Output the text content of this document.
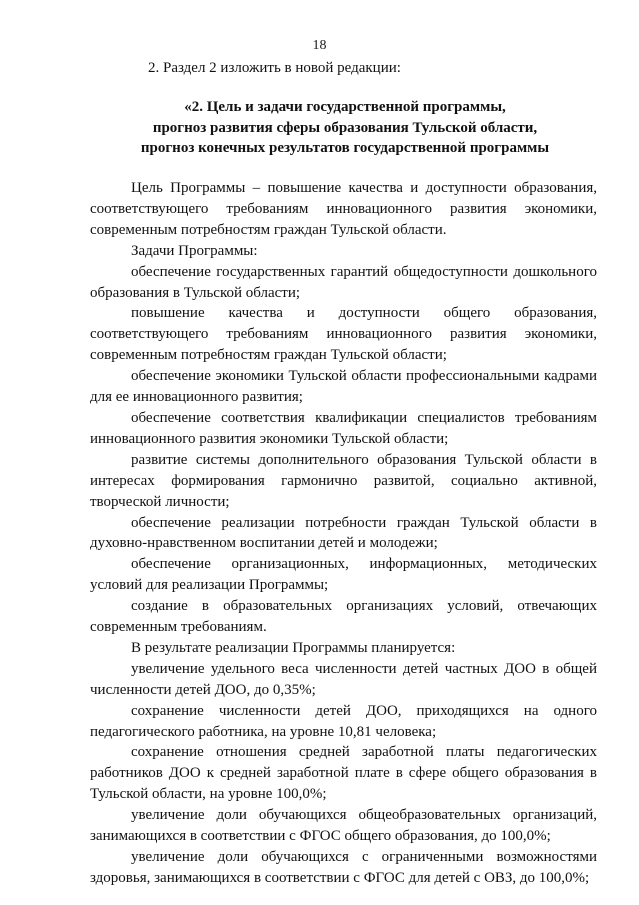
18
2. Раздел 2 изложить в новой редакции:
«2. Цель и задачи государственной программы,
прогноз развития сферы образования Тульской области,
прогноз конечных результатов государственной программы

Цель Программы – повышение качества и доступности образования, соответствующего требованиям инновационного развития экономики, современным потребностям граждан Тульской области.

Задачи Программы:

обеспечение государственных гарантий общедоступности дошкольного образования в Тульской области;

повышение качества и доступности общего образования, соответствующего требованиям инновационного развития экономики, современным потребностям граждан Тульской области;

обеспечение экономики Тульской области профессиональными кадрами для ее инновационного развития;

обеспечение соответствия квалификации специалистов требованиям инновационного развития экономики Тульской области;

развитие системы дополнительного образования Тульской области в интересах формирования гармонично развитой, социально активной, творческой личности;

обеспечение реализации потребности граждан Тульской области в духовно-нравственном воспитании детей и молодежи;

обеспечение организационных, информационных, методических условий для реализации Программы;

создание в образовательных организациях условий, отвечающих современным требованиям.

В результате реализации Программы планируется:

увеличение удельного веса численности детей частных ДОО в общей численности детей ДОО, до 0,35%;

сохранение численности детей ДОО, приходящихся на одного педагогического работника, на уровне 10,81 человека;

сохранение отношения средней заработной платы педагогических работников ДОО к средней заработной плате в сфере общего образования в Тульской области, на уровне 100,0%;

увеличение доли обучающихся общеобразовательных организаций, занимающихся в соответствии с ФГОС общего образования, до 100,0%;

увеличение доли обучающихся с ограниченными возможностями здоровья, занимающихся в соответствии с ФГОС для детей с ОВЗ, до 100,0%;
